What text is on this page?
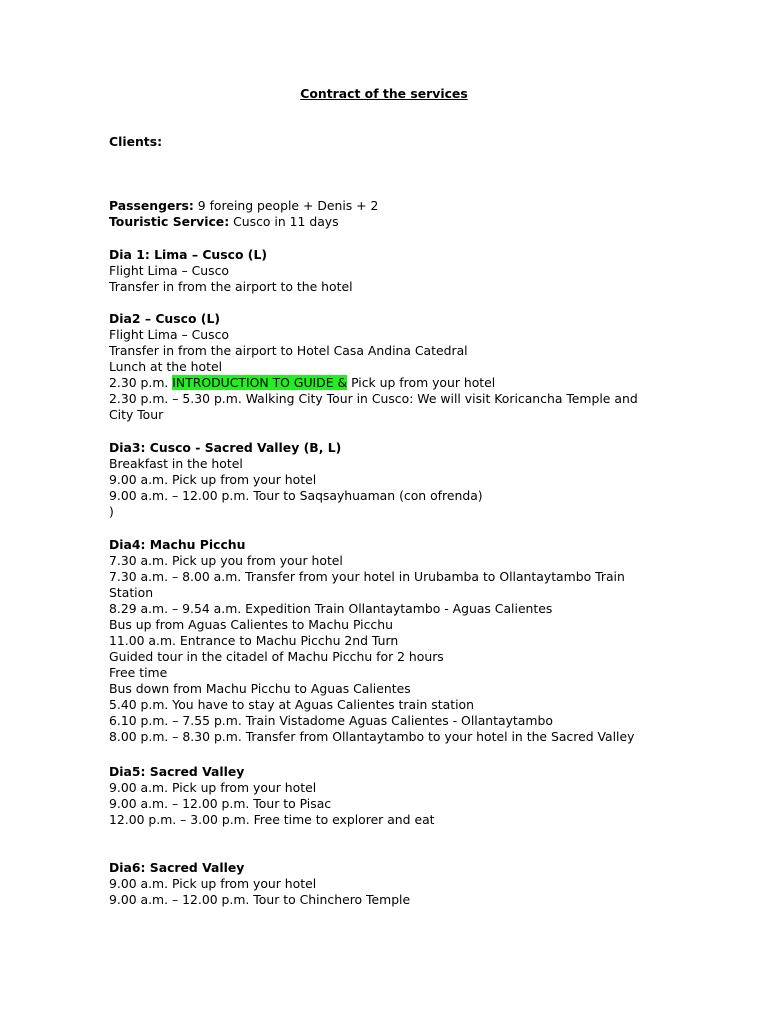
Contract of the services
Clients:
Passengers: 9 foreing people + Denis + 2
Touristic Service: Cusco in 11 days
Dia 1: Lima – Cusco (L)
Flight Lima – Cusco
Transfer in from the airport to the hotel
Dia2 – Cusco (L)
Flight Lima – Cusco
Transfer in from the airport to Hotel Casa Andina Catedral
Lunch at the hotel
2.30 p.m. INTRODUCTION TO GUIDE & Pick up from your hotel
2.30 p.m. – 5.30 p.m. Walking City Tour in Cusco: We will visit Koricancha Temple and City Tour
Dia3: Cusco - Sacred Valley (B, L)
Breakfast in the hotel
9.00 a.m. Pick up from your hotel
9.00 a.m. – 12.00 p.m. Tour to Saqsayhuaman (con ofrenda)
)
Dia4: Machu Picchu
7.30 a.m. Pick up you from your hotel
7.30 a.m. – 8.00 a.m. Transfer from your hotel in Urubamba to Ollantaytambo Train Station
8.29 a.m. – 9.54 a.m. Expedition Train Ollantaytambo - Aguas Calientes
Bus up from Aguas Calientes to Machu Picchu
11.00 a.m. Entrance to Machu Picchu 2nd Turn
Guided tour in the citadel of Machu Picchu for 2 hours
Free time
Bus down from Machu Picchu to Aguas Calientes
5.40 p.m. You have to stay at Aguas Calientes train station
6.10 p.m. – 7.55 p.m. Train Vistadome Aguas Calientes - Ollantaytambo
8.00 p.m. – 8.30 p.m. Transfer from Ollantaytambo to your hotel in the Sacred Valley
Dia5: Sacred Valley
9.00 a.m. Pick up from your hotel
9.00 a.m. – 12.00 p.m. Tour to Pisac
12.00 p.m. – 3.00 p.m. Free time to explorer and eat
Dia6: Sacred Valley
9.00 a.m. Pick up from your hotel
9.00 a.m. – 12.00 p.m. Tour to Chinchero Temple
